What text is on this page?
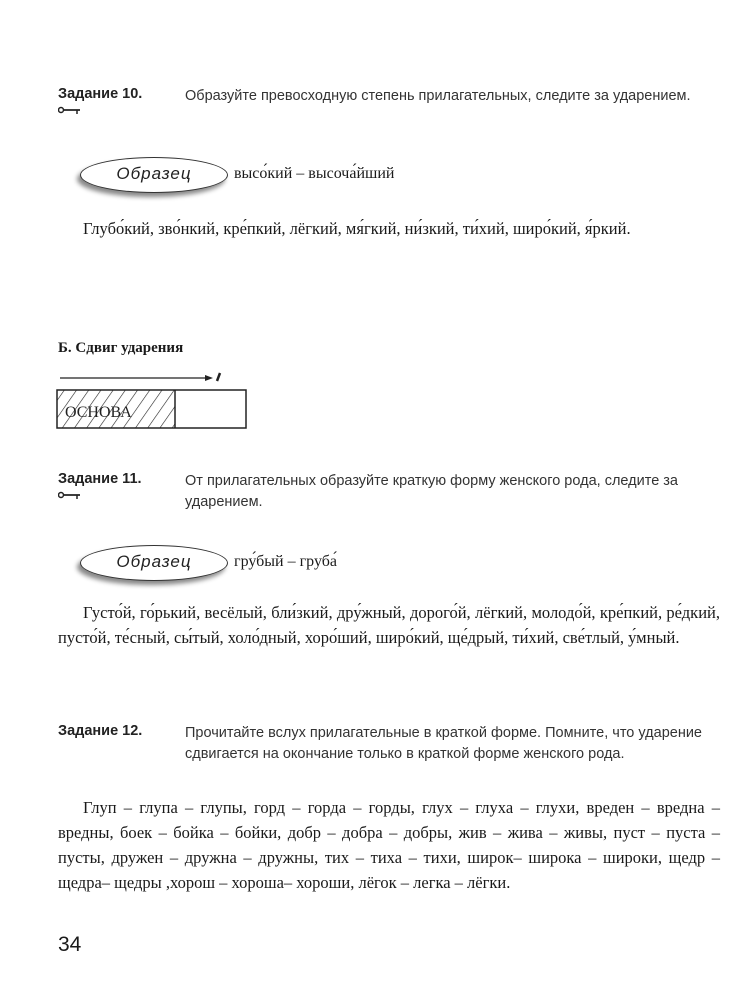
Задание 10.	Образуйте превосходную степень прилагательных, следите за ударением.
Образец	высо́кий – высоча́йший
Глубо́кий, зво́нкий, кре́пкий, лёгкий, мя́гкий, ни́зкий, ти́хий, широ́кий, я́ркий.
Б. Сдвиг ударения
ОСНОВА
Задание 11.	От прилагательных образуйте краткую форму женского рода, следите за ударением.
Образец	гру́бый – груба́
Густо́й, го́рький, весёлый, бли́зкий, дру́жный, дорого́й, лёгкий, молодо́й, кре́пкий, ре́дкий, пусто́й, те́сный, сы́тый, холо́дный, хоро́ший, широ́кий, ще́дрый, ти́хий, све́тлый, у́мный.
Задание 12.	Прочитайте вслух прилагательные в краткой форме. Помните, что ударение сдвигается на окончание только в краткой форме женского рода.
Глуп – глупа – глупы, горд – горда – горды, глух – глуха – глухи, вреден – вредна – вредны, боек – бойка – бойки, добр – добра – добры, жив – жива – живы, пуст – пуста – пусты, дружен – дружна – дружны, тих – тиха – тихи, широк– широка – широки, щедр – щедра– щедры ,хорош – хороша– хороши, лёгок – легка – лёгки.
34
